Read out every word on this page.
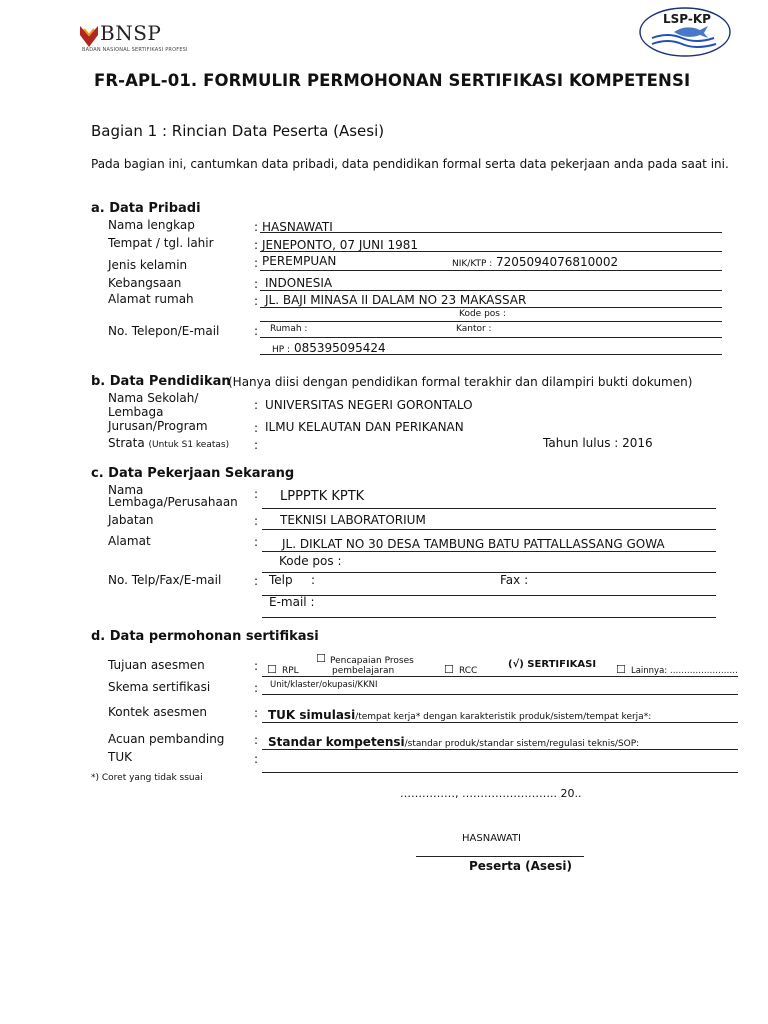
BNSP
BADAN NASIONAL SERTIFIKASI PROFESI
LSP-KP
FR-APL-01. FORMULIR PERMOHONAN SERTIFIKASI KOMPETENSI
Bagian 1 : Rincian Data Peserta (Asesi)
Pada bagian ini, cantumkan data pribadi, data pendidikan formal serta data pekerjaan anda pada saat ini.
a. Data Pribadi
Nama lengkap	: HASNAWATI
Tempat / tgl. lahir	: JENEPONTO, 07 JUNI 1981
Jenis kelamin	: PEREMPUAN	NIK/KTP : 7205094076810002
Kebangsaan	: INDONESIA
Alamat rumah	: JL. BAJI MINASA II DALAM NO 23 MAKASSAR
Kode pos :
No. Telepon/E-mail	: Rumah :	Kantor :
HP : 085395095424
b. Data Pendidikan
(Hanya diisi dengan pendidikan formal terakhir dan dilampiri bukti dokumen)
Nama Sekolah/
Lembaga	: UNIVERSITAS NEGERI GORONTALO
Jurusan/Program	: ILMU KELAUTAN DAN PERIKANAN
Strata (Untuk S1 keatas) :	Tahun lulus : 2016
c. Data Pekerjaan Sekarang
Nama
Lembaga/Perusahaan
: LPPPTK KPTK
Jabatan	: TEKNISI LABORATORIUM
Alamat	: JL. DIKLAT NO 30 DESA TAMBUNG BATU PATTALLASSANG GOWA
Kode pos :
No. Telp/Fax/E-mail	: Telp :	Fax :
E-mail :
d. Data permohonan sertifikasi
Tujuan asesmen	: ☐ RPL
☐ Pencapaian Proses
pembelajaran	☐ RCC
(√) SERTIFIKASI ☐ Lainnya: ……………………
Skema sertifikasi	: Unit/klaster/okupasi/KKNI
Kontek asesmen	: TUK simulasi/tempat kerja* dengan karakteristik produk/sistem/tempat kerja*:
Acuan pembanding : Standar kompetensi/standar produk/standar sistem/regulasi teknis/SOP:
TUK	:
*) Coret yang tidak ssuai
……………, …………………….. 20..
HASNAWATI
Peserta (Asesi)
